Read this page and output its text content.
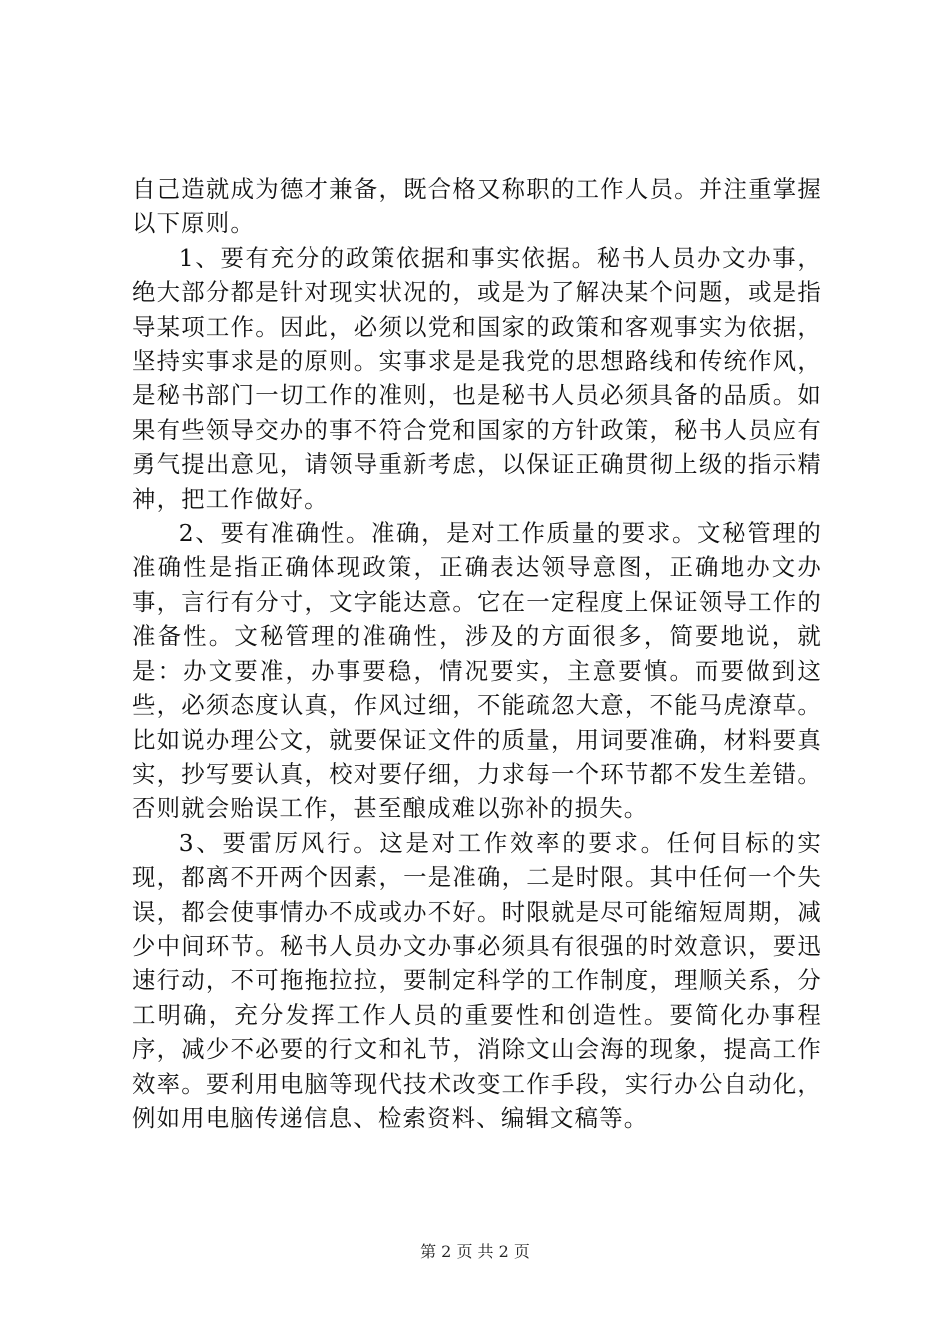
自己造就成为德才兼备，既合格又称职的工作人员。并注重掌握以下原则。

1、要有充分的政策依据和事实依据。秘书人员办文办事，绝大部分都是针对现实状况的，或是为了解决某个问题，或是指导某项工作。因此，必须以党和国家的政策和客观事实为依据，坚持实事求是的原则。实事求是是我党的思想路线和传统作风，是秘书部门一切工作的准则，也是秘书人员必须具备的品质。如果有些领导交办的事不符合党和国家的方针政策，秘书人员应有勇气提出意见，请领导重新考虑，以保证正确贯彻上级的指示精神，把工作做好。

2、要有准确性。准确，是对工作质量的要求。文秘管理的准确性是指正确体现政策，正确表达领导意图，正确地办文办事，言行有分寸，文字能达意。它在一定程度上保证领导工作的准备性。文秘管理的准确性，涉及的方面很多，简要地说，就是：办文要准，办事要稳，情况要实，主意要慎。而要做到这些，必须态度认真，作风过细，不能疏忽大意，不能马虎潦草。比如说办理公文，就要保证文件的质量，用词要准确，材料要真实，抄写要认真，校对要仔细，力求每一个环节都不发生差错。否则就会贻误工作，甚至酿成难以弥补的损失。

3、要雷厉风行。这是对工作效率的要求。任何目标的实现，都离不开两个因素，一是准确，二是时限。其中任何一个失误，都会使事情办不成或办不好。时限就是尽可能缩短周期，减少中间环节。秘书人员办文办事必须具有很强的时效意识，要迅速行动，不可拖拖拉拉，要制定科学的工作制度，理顺关系，分工明确，充分发挥工作人员的重要性和创造性。要简化办事程序，减少不必要的行文和礼节，消除文山会海的现象，提高工作效率。要利用电脑等现代技术改变工作手段，实行办公自动化，例如用电脑传递信息、检索资料、编辑文稿等。

第 2 页 共 2 页
